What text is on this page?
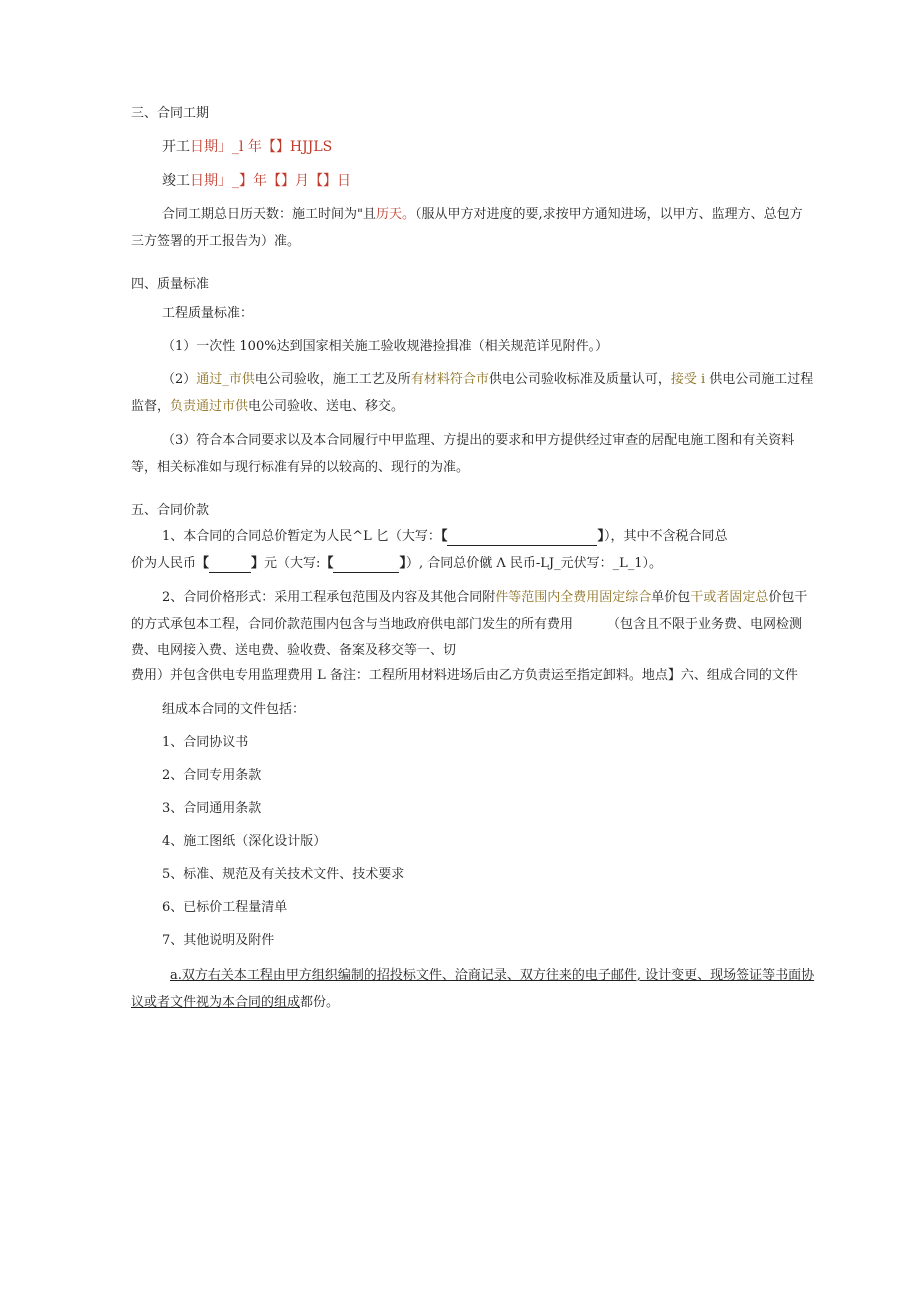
三、合同工期
开工日期」_l 年【】HJJLS
竣工日期」_】年【】月【】日
合同工期总日历天数：施工时间为"且历天。（服从甲方对进度的要,求按甲方通知进场，以甲方、监理方、总包方
三方签署的开工报告为）准。
四、质量标准
工程质量标准：
（1）一次性 100%达到国家相关施工验收规港捡揖准（相关规范详见附件。）
（2）通过_市供电公司验收，施工工艺及所有材料符合市供电公司验收标准及质量认可，接受 i 供电公司施工过程
监督，负责通过市供电公司验收、送电、移交。
（3）符合本合同要求以及本合同履行中甲监理、方提出的要求和甲方提供经过审查的居配电施工图和有关资料
等，相关标准如与现行标准有异的以较高的、现行的为准。
五、合同价款
1、本合同的合同总价暂定为人民^L 匕（大写：【	】），其中不含税合同总
价为人民币【	】元（大写:【	】）, 合同总价僦 Λ 民币-LJ_元伏写：_L_1）。
2、合同价格形式：采用工程承包范围及内容及其他合同附件等范围内全费用固定综合单价包干或者固定总价包干
的方式承包本工程，合同价款范围内包含与当地政府供电部门发生的所有费用	（包含且不限于业务费、电网检测
费、电网接入费、送电费、验收费、备案及移交等一、切
费用）并包含供电专用监理费用 L 备注：工程所用材料进场后由乙方负责运至指定卸料。地点】六、组成合同的文件
组成本合同的文件包括：
1、合同协议书
2、合同专用条款
3、合同通用条款
4、施工图纸（深化设计版）
5、标准、规范及有关技术文件、技术要求
6、已标价工程量清单
7、其他说明及附件
a.双方右关本工程由甲方组织编制的招投标文件、洽商记录、双方往来的电子邮件, 设计变更、现场签证等书面协
议或者文件视为本合同的组成都份。
